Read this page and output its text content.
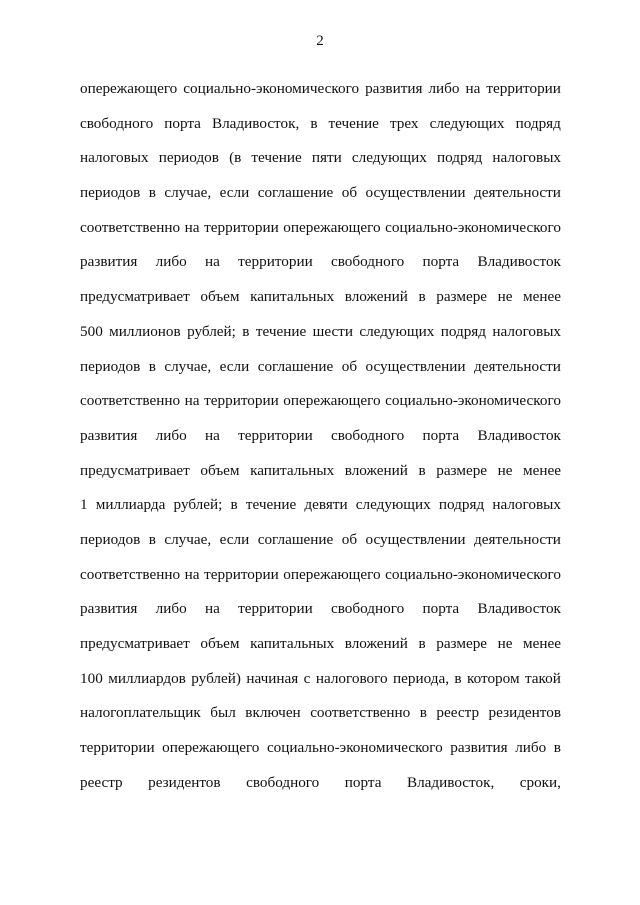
2
опережающего социально-экономического развития либо на территории
свободного порта Владивосток, в течение трех следующих подряд
налоговых периодов (в течение пяти следующих подряд налоговых
периодов в случае, если соглашение об осуществлении деятельности
соответственно на территории опережающего социально-экономического
развития либо на территории свободного порта Владивосток
предусматривает объем капитальных вложений в размере не менее
500 миллионов рублей; в течение шести следующих подряд налоговых
периодов в случае, если соглашение об осуществлении деятельности
соответственно на территории опережающего социально-экономического
развития либо на территории свободного порта Владивосток
предусматривает объем капитальных вложений в размере не менее
1 миллиарда рублей; в течение девяти следующих подряд налоговых
периодов в случае, если соглашение об осуществлении деятельности
соответственно на территории опережающего социально-экономического
развития либо на территории свободного порта Владивосток
предусматривает объем капитальных вложений в размере не менее
100 миллиардов рублей) начиная с налогового периода, в котором такой
налогоплательщик был включен соответственно в реестр резидентов
территории опережающего социально-экономического развития либо в
реестр резидентов свободного порта Владивосток, сроки,
